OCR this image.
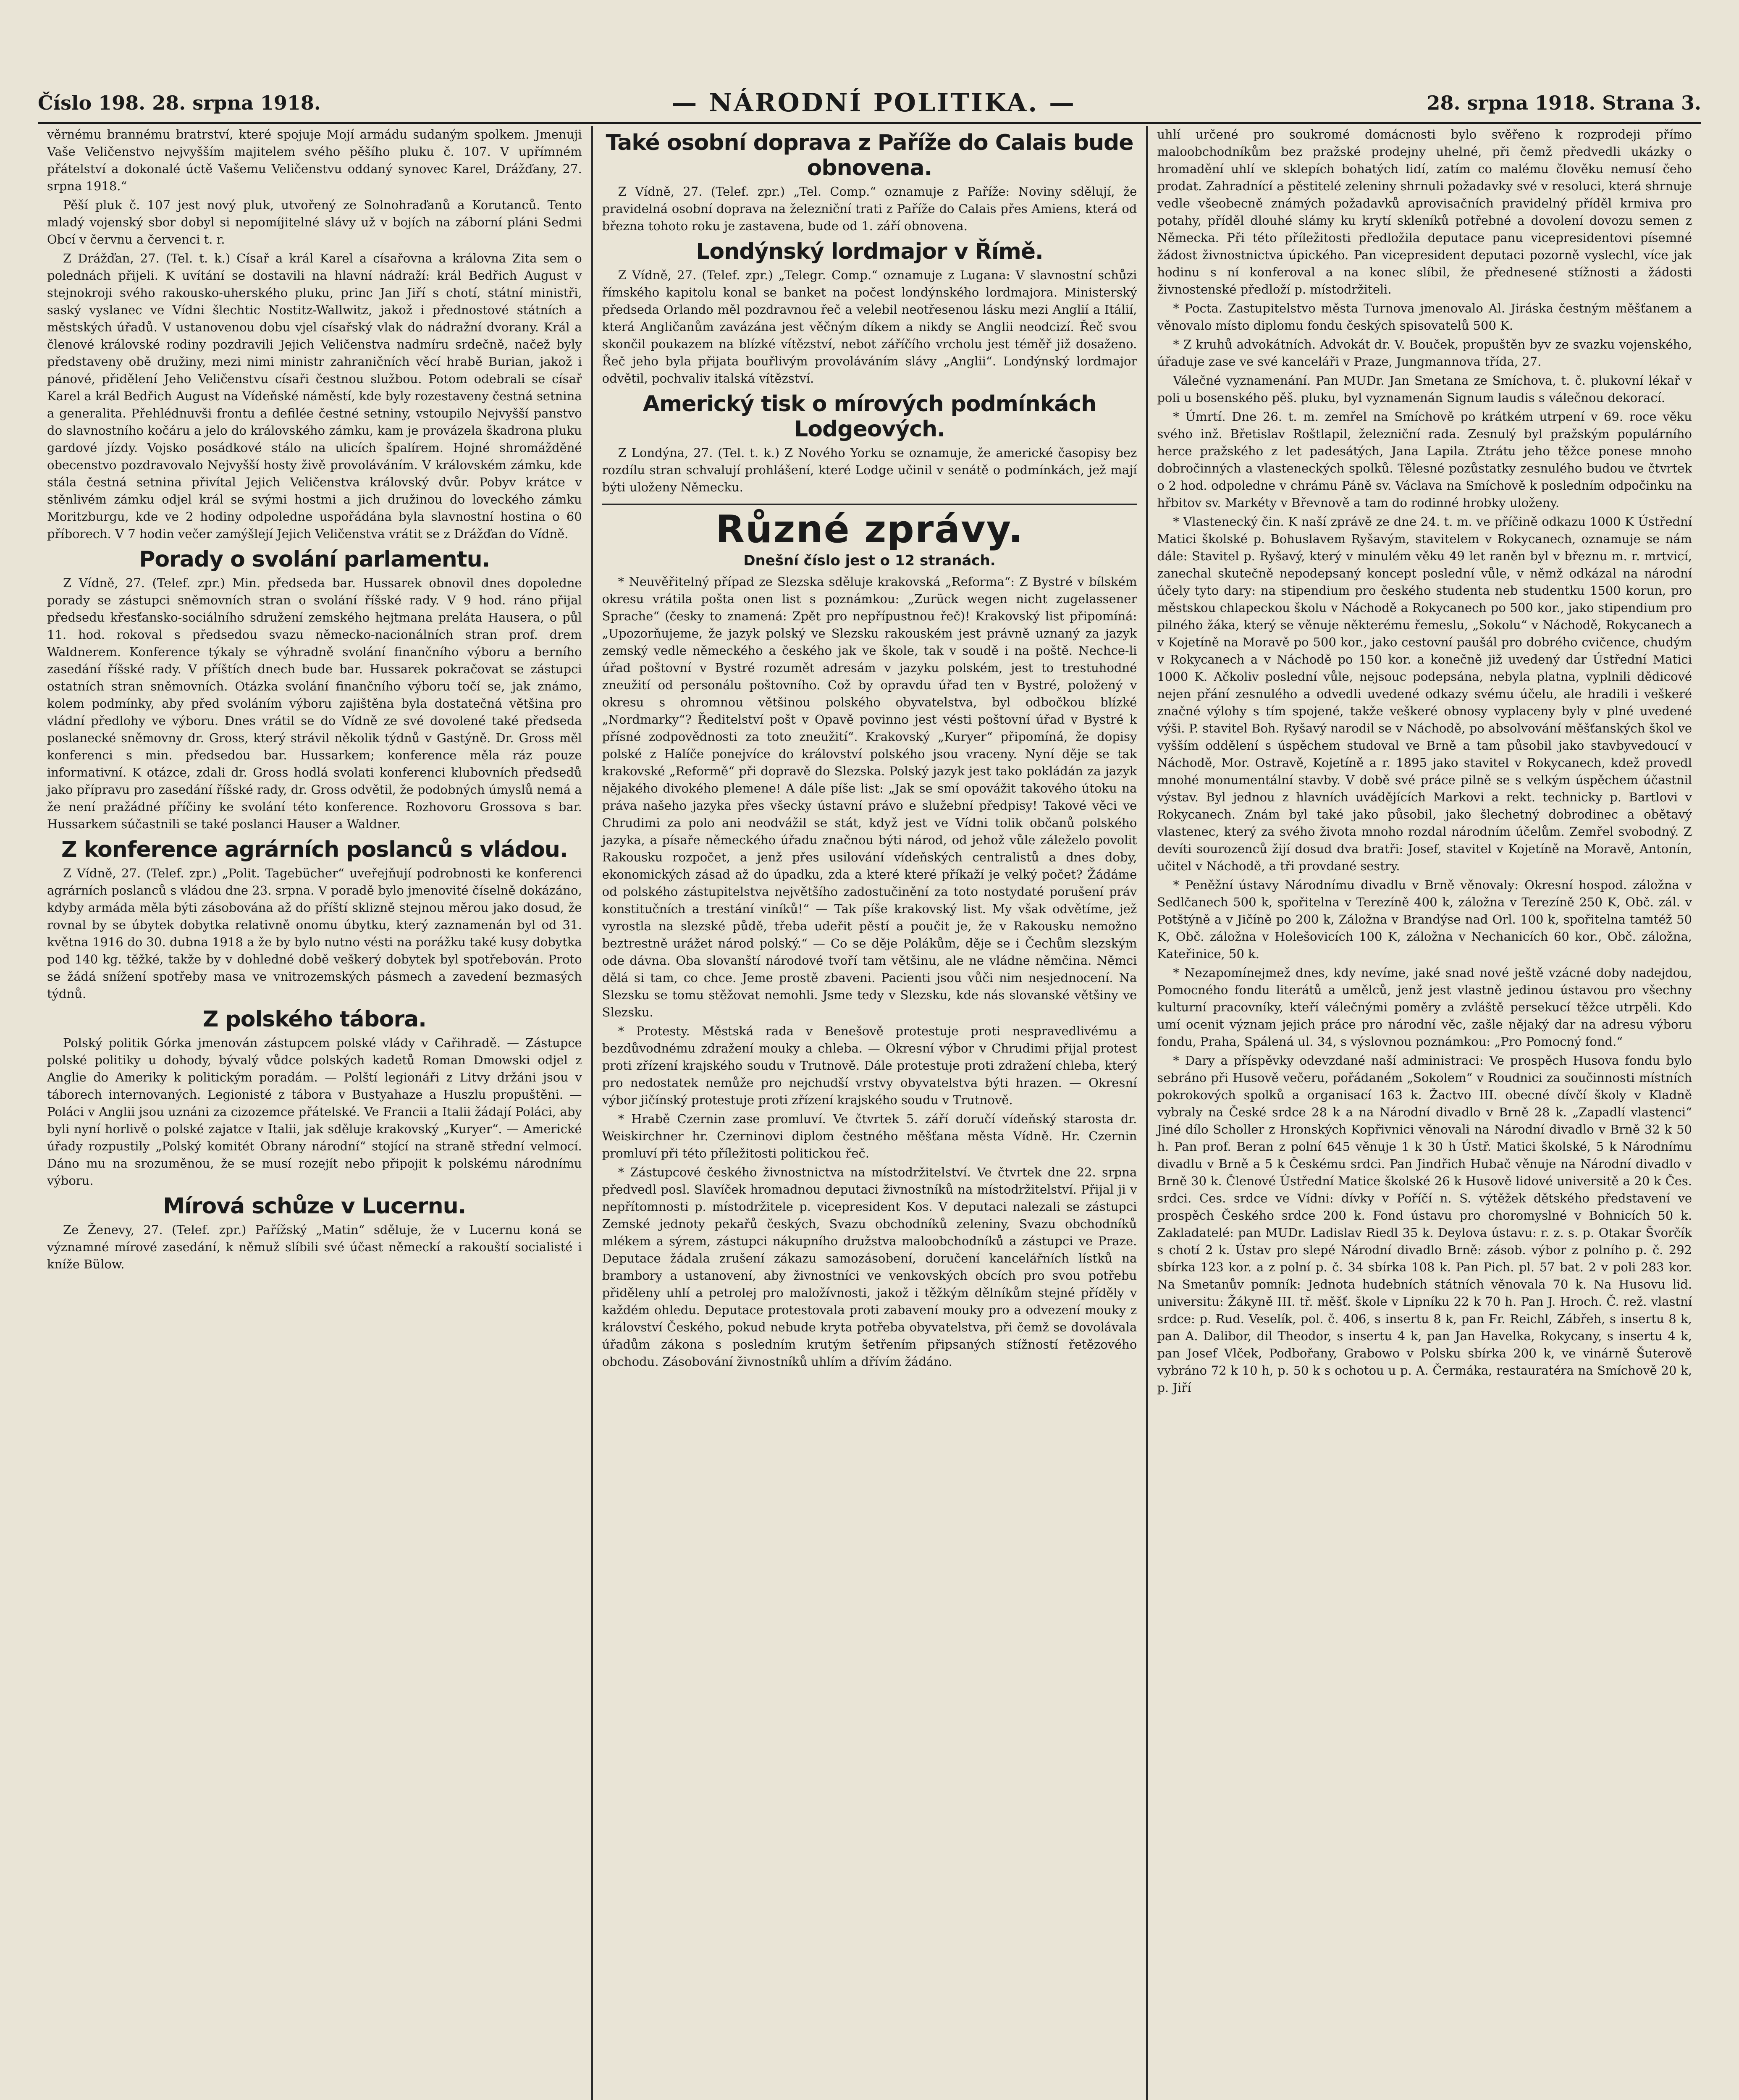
Číslo 198. 28. srpna 1918.	— NÁRODNÍ POLITIKA. —	28. srpna 1918. Strana 3.

věrnému brannému bratrství, které spojuje Mojí armádu sudaným spolkem. Jmenuji Vaše Veličenstvo nejvyšším majitelem svého pěšího pluku č. 107. V upřímném přátelství a dokonalé úctě Vašemu Veličenstvu oddaný synovec Karel, Drážďany, 27. srpna 1918.“

Pěší pluk č. 107 jest nový pluk, utvořený ze Solnohraďanů a Korutanců. Tento mladý vojenský sbor dobyl si nepomíjitelné slávy už v bojích na záborní pláni Sedmi Obcí v červnu a červenci t. r.

Z Drážďan, 27. (Tel. t. k.) Císař a král Karel a císařovna a královna Zita sem o polednách přijeli. K uvítání se dostavili na hlavní nádraží: král Bedřich August v stejnokroji svého rakousko-uherského pluku, princ Jan Jiří s chotí, státní ministři, saský vyslanec ve Vídni šlechtic Nostitz-Wallwitz, jakož i přednostové státních a městských úřadů. V ustanovenou dobu vjel císařský vlak do nádražní dvorany. Král a členové královské rodiny pozdravili Jejich Veličenstva nadmíru srdečně, načež byly představeny obě družiny, mezi nimi ministr zahraničních věcí hrabě Burian, jakož i pánové, přidělení Jeho Veličenstvu císaři čestnou službou. Potom odebrali se císař Karel a král Bedřich August na Vídeňské náměstí, kde byly rozestaveny čestná setnina a generalita. Přehlédnuvši frontu a defilée čestné setniny, vstoupilo Nejvyšší panstvo do slavnostního kočáru a jelo do královského zámku, kam je provázela škadrona pluku gardové jízdy. Vojsko posádkové stálo na ulicích špalírem. Hojné shromážděné obecenstvo pozdravovalo Nejvyšší hosty živě provoláváním. V královském zámku, kde stála čestná setnina přivítal Jejich Veličenstva královský dvůr. Pobyv krátce v stěnlivém zámku odjel král se svými hostmi a jich družinou do loveckého zámku Moritzburgu, kde ve 2 hodiny odpoledne uspořádána byla slavnostní hostina o 60 příborech. V 7 hodin večer zamýšlejí Jejich Veličenstva vrátit se z Drážďan do Vídně.

Porady o svolání parlamentu.

Z Vídně, 27. (Telef. zpr.) Min. předseda bar. Hussarek obnovil dnes dopoledne porady se zástupci sněmovních stran o svolání říšské rady. V 9 hod. ráno přijal předsedu křesťansko-sociálního sdružení zemského hejtmana preláta Hausera, o půl 11. hod. rokoval s předsedou svazu německo-nacionálních stran prof. drem Waldnerem. Konference týkaly se výhradně svolání finančního výboru a berního zasedání říšské rady. V příštích dnech bude bar. Hussarek pokračovat se zástupci ostatních stran sněmovních. Otázka svolání finančního výboru točí se, jak známo, kolem podmínky, aby před svoláním výboru zajištěna byla dostatečná většina pro vládní předlohy ve výboru. Dnes vrátil se do Vídně ze své dovolené také předseda poslanecké sněmovny dr. Gross, který strávil několik týdnů v Gastýně. Dr. Gross měl konferenci s min. předsedou bar. Hussarkem; konference měla ráz pouze informativní. K otázce, zdali dr. Gross hodlá svolati konferenci klubovních předsedů jako přípravu pro zasedání říšské rady, dr. Gross odvětil, že podobných úmyslů nemá a že není pražádné příčiny ke svolání této konference. Rozhovoru Grossova s bar. Hussarkem súčastnili se také poslanci Hauser a Waldner.

Z konference agrárních poslanců s vládou.

Z Vídně, 27. (Telef. zpr.) „Polit. Tagebücher“ uveřejňují podrobnosti ke konferenci agrárních poslanců s vládou dne 23. srpna. V poradě bylo jmenovité číselně dokázáno, kdyby armáda měla býti zásobována až do příští sklizně stejnou měrou jako dosud, že rovnal by se úbytek dobytka relativně onomu úbytku, který zaznamenán byl od 31. května 1916 do 30. dubna 1918 a že by bylo nutno vésti na porážku také kusy dobytka pod 140 kg. těžké, takže by v dohledné době veškerý dobytek byl spotřebován. Proto se žádá snížení spotřeby masa ve vnitrozemských pásmech a zavedení bezmasých týdnů.

Z polského tábora.

Polský politik Górka jmenován zástupcem polské vlády v Cařihradě. — Zástupce polské politiky u dohody, bývalý vůdce polských kadetů Roman Dmowski odjel z Anglie do Ameriky k politickým poradám. — Polští legionáři z Litvy držáni jsou v táborech internovaných. Legionisté z tábora v Bustyahaze a Huszlu propuštěni. — Poláci v Anglii jsou uznáni za cizozemce přátelské. Ve Francii a Italii žádají Poláci, aby byli nyní horlivě o polské zajatce v Italii, jak sděluje krakovský „Kuryer“. — Americké úřady rozpustily „Polský komitét Obrany národní“ stojící na straně střední velmocí. Dáno mu na srozuměnou, že se musí rozejít nebo připojit k polskému národnímu výboru.

Mírová schůze v Lucernu.

Ze Ženevy, 27. (Telef. zpr.) Pařížský „Matin“ sděluje, že v Lucernu koná se významné mírové zasedání, k němuž slíbili své účast německí a rakouští socialisté i kníže Bülow.

Také osobní doprava z Paříže do Calais bude obnovena.

Z Vídně, 27. (Telef. zpr.) „Tel. Comp.“ oznamuje z Paříže: Noviny sdělují, že pravidelná osobní doprava na železniční trati z Paříže do Calais přes Amiens, která od března tohoto roku je zastavena, bude od 1. září obnovena.

Londýnský lordmajor v Římě.

Z Vídně, 27. (Telef. zpr.) „Telegr. Comp.“ oznamuje z Lugana: V slavnostní schůzi římského kapitolu konal se banket na počest londýnského lordmajora. Ministerský předseda Orlando měl pozdravnou řeč a velebil neotřesenou lásku mezi Anglií a Itálií, která Angličanům zavázána jest věčným díkem a nikdy se Anglii neodcizí. Řeč svou skončil poukazem na blízké vítězství, nebot záříčího vrcholu jest téměř již dosaženo. Řeč jeho byla přijata bouřlivým provoláváním slávy „Anglii“. Londýnský lordmajor odvětil, pochvaliv italská vítězství.

Americký tisk o mírových podmínkách Lodgeových.

Z Londýna, 27. (Tel. t. k.) Z Nového Yorku se oznamuje, že americké časopisy bez rozdílu stran schvalují prohlášení, které Lodge učinil v senátě o podmínkách, jež mají býti uloženy Německu.

Různé zprávy.
Dnešní číslo jest o 12 stranách.

* Neuvěřitelný případ ze Slezska sděluje krakovská „Reforma“: Z Bystré v bílském okresu vrátila pošta onen list s poznámkou: „Zurück wegen nicht zugelassener Sprache“ (česky to znamená: Zpět pro nepřípustnou řeč)! Krakovský list připomíná: „Upozorňujeme, že jazyk polský ve Slezsku rakouském jest právně uznaný za jazyk zemský vedle německého a českého jak ve škole, tak v soudě i na poště. Nechce-li úřad poštovní v Bystré rozumět adresám v jazyku polském, jest to trestuhodné zneužití od personálu poštovního. Což by opravdu úřad ten v Bystré, položený v okresu s ohromnou většinou polského obyvatelstva, byl odbočkou blízké „Nordmarky“? Ředitelství pošt v Opavě povinno jest vésti poštovní úřad v Bystré k přísné zodpovědnosti za toto zneužití“. Krakovský „Kuryer“ připomíná, že dopisy polské z Halíče ponejvíce do království polského jsou vraceny. Nyní děje se tak krakovské „Reformě“ při dopravě do Slezska. Polský jazyk jest tako pokládán za jazyk nějakého divokého plemene! A dále píše list: „Jak se smí opovážit takového útoku na práva našeho jazyka přes všecky ústavní právo e služební předpisy! Takové věci ve Chrudimi za polo ani neodvážil se stát, když jest ve Vídni tolik občanů polského jazyka, a písaře německého úřadu značnou býti národ, od jehož vůle záleželo povolit Rakousku rozpočet, a jenž přes usilování vídeňských centralistů a dnes doby, ekonomických zásad až do úpadku, zda a které které příkaží je velký počet? Žádáme od polského zástupitelstva největšího zadostučinění za toto nostydaté porušení práv konstitučních a trestání viníků!“ — Tak píše krakovský list. My však odvětíme, jež vyrostla na slezské půdě, třeba udeřit pěstí a poučit je, že v Rakousku nemožno beztrestně urážet národ polský.“ — Co se děje Polákům, děje se i Čechům slezským ode dávna. Oba slovanští národové tvoří tam většinu, ale ne vládne němčina. Němci dělá si tam, co chce. Jeme prostě zbaveni. Pacienti jsou vůči nim nesjednocení. Na Slezsku se tomu stěžovat nemohli. Jsme tedy v Slezsku, kde nás slovanské většiny ve Slezsku.

* Protesty. Městská rada v Benešově protestuje proti nespravedlivému a bezdůvodnému zdražení mouky a chleba. — Okresní výbor v Chrudimi přijal protest proti zřízení krajského soudu v Trutnově. Dále protestuje proti zdražení chleba, který pro nedostatek nemůže pro nejchudší vrstvy obyvatelstva býti hrazen. — Okresní výbor jičínský protestuje proti zřízení krajského soudu v Trutnově.

* Hrabě Czernin zase promluví. Ve čtvrtek 5. září doručí vídeňský starosta dr. Weiskirchner hr. Czerninovi diplom čestného měšťana města Vídně. Hr. Czernin promluví při této příležitosti politickou řeč.

* Zástupcové českého živnostnictva na místodržitelství. Ve čtvrtek dne 22. srpna předvedl posl. Slavíček hromadnou deputaci živnostníků na místodržitelství. Přijal ji v nepřítomnosti p. místodržitele p. vicepresident Kos. V deputaci nalezali se zástupci Zemské jednoty pekařů českých, Svazu obchodníků zeleniny, Svazu obchodníků mlékem a sýrem, zástupci nákupního družstva maloobchodníků a zástupci ve Praze. Deputace žádala zrušení zákazu samozásobení, doručení kancelářních lístků na brambory a ustanovení, aby živnostníci ve venkovských obcích pro svou potřebu přiděleny uhlí a petrolej pro maložívnosti, jakož i těžkým dělníkům stejné příděly v každém ohledu. Deputace protestovala proti zabavení mouky pro a odvezení mouky z království Českého, pokud nebude kryta potřeba obyvatelstva, při čemž se dovolávala úřadům zákona s posledním krutým šetřením připsaných stížností řetězového obchodu. Zásobování živnostníků uhlím a dřívím žádáno.

uhlí určené pro soukromé domácnosti bylo svěřeno k rozprodeji přímo maloobchodníkům bez pražské prodejny uhelné, při čemž předvedli ukázky o hromadění uhlí ve sklepích bohatých lidí, zatím co malému člověku nemusí čeho prodat. Zahradnící a pěstitelé zeleniny shrnuli požadavky své v resoluci, která shrnuje vedle všeobecně známých požadavků aprovisačních pravidelný příděl krmiva pro potahy, příděl dlouhé slámy ku krytí skleníků potřebné a dovolení dovozu semen z Německa. Při této příležitosti předložila deputace panu vicepresidentovi písemné žádost živnostnictva úpického. Pan vicepresident deputaci pozorně vyslechl, více jak hodinu s ní konferoval a na konec slíbil, že přednesené stížnosti a žádosti živnostenské předloží p. místodržiteli.

* Pocta. Zastupitelstvo města Turnova jmenovalo Al. Jiráska čestným měšťanem a věnovalo místo diplomu fondu českých spisovatelů 500 K.

* Z kruhů advokátních. Advokát dr. V. Bouček, propuštěn byv ze svazku vojenského, úřaduje zase ve své kanceláři v Praze, Jungmannova třída, 27.

Válečné vyznamenání. Pan MUDr. Jan Smetana ze Smíchova, t. č. plukovní lékař v poli u bosenského pěš. pluku, byl vyznamenán Signum laudis s válečnou dekorací.

* Úmrtí. Dne 26. t. m. zemřel na Smíchově po krátkém utrpení v 69. roce věku svého inž. Břetislav Roštlapil, železniční rada. Zesnulý byl pražským populárního herce pražského z let padesátých, Jana Lapila. Ztrátu jeho těžce ponese mnoho dobročinných a vlasteneckých spolků. Tělesné pozůstatky zesnulého budou ve čtvrtek o 2 hod. odpoledne v chrámu Páně sv. Václava na Smíchově k posledním odpočinku na hřbitov sv. Markéty v Břevnově a tam do rodinné hrobky uloženy.

* Vlastenecký čin. K naší zprávě ze dne 24. t. m. ve příčině odkazu 1000 K Ústřední Matici školské p. Bohuslavem Ryšavým, stavitelem v Rokycanech, oznamuje se nám dále: Stavitel p. Ryšavý, který v minulém věku 49 let raněn byl v březnu m. r. mrtvicí, zanechal skutečně nepodepsaný koncept poslední vůle, v němž odkázal na národní účely tyto dary: na stipendium pro českého studenta neb studentku 1500 korun, pro městskou chlapeckou školu v Náchodě a Rokycanech po 500 kor., jako stipendium pro pilného žáka, který se věnuje některému řemeslu, „Sokolu“ v Náchodě, Rokycanech a v Kojetíně na Moravě po 500 kor., jako cestovní paušál pro dobrého cvičence, chudým v Rokycanech a v Náchodě po 150 kor. a konečně již uvedený dar Ústřední Matici 1000 K. Ačkoliv poslední vůle, nejsouc podepsána, nebyla platna, vyplnili dědicové nejen přání zesnulého a odvedli uvedené odkazy svému účelu, ale hradili i veškeré značné výlohy s tím spojené, takže veškeré obnosy vyplaceny byly v plné uvedené výši. P. stavitel Boh. Ryšavý narodil se v Náchodě, po absolvování měšťanských škol ve vyšším oddělení s úspěchem studoval ve Brně a tam působil jako stavbyvedoucí v Náchodě, Mor. Ostravě, Kojetíně a r. 1895 jako stavitel v Rokycanech, kdež provedl mnohé monumentální stavby. V době své práce pilně se s velkým úspěchem účastnil výstav. Byl jednou z hlavních uvádějících Markovi a rekt. technicky p. Bartlovi v Rokycanech. Znám byl také jako působil, jako šlechetný dobrodinec a obětavý vlastenec, který za svého života mnoho rozdal národním účelům. Zemřel svobodný. Z devíti sourozenců žijí dosud dva bratři: Josef, stavitel v Kojetíně na Moravě, Antonín, učitel v Náchodě, a tři provdané sestry.

* Peněžní ústavy Národnímu divadlu v Brně věnovaly: Okresní hospod. záložna v Sedlčanech 500 k, spořitelna v Terezíně 400 k, záložna v Terezíně 250 K, Obč. zál. v Potštýně a v Jičíně po 200 k, Záložna v Brandýse nad Orl. 100 k, spořitelna tamtéž 50 K, Obč. záložna v Holešovicích 100 K, záložna v Nechanicích 60 kor., Obč. záložna, Kateřinice, 50 k.

* Nezapomínejmež dnes, kdy nevíme, jaké snad nové ještě vzácné doby nadejdou, Pomocného fondu literátů a umělců, jenž jest vlastně jedinou ústavou pro všechny kulturní pracovníky, kteří válečnými poměry a zvláště persekucí těžce utrpěli. Kdo umí ocenit význam jejich práce pro národní věc, zašle nějaký dar na adresu výboru fondu, Praha, Spálená ul. 34, s výslovnou poznámkou: „Pro Pomocný fond.“

* Dary a příspěvky odevzdané naší administraci: Ve prospěch Husova fondu bylo sebráno při Husově večeru, pořádaném „Sokolem“ v Roudnici za součinnosti místních pokrokových spolků a organisací 163 k. Žactvo III. obecné dívčí školy v Kladně vybraly na České srdce 28 k a na Národní divadlo v Brně 28 k. „Zapadlí vlastenci“ Jiné dílo Scholler z Hronských Kopřivnici věnovali na Národní divadlo v Brně 32 k 50 h. Pan prof. Beran z polní 645 věnuje 1 k 30 h Ústř. Matici školské, 5 k Národnímu divadlu v Brně a 5 k Českému srdci. Pan Jindřich Hubač věnuje na Národní divadlo v Brně 30 k. Členové Ústřední Matice školské 26 k Husově lidové universitě a 20 k Čes. srdci. Ces. srdce ve Vídni: dívky v Poříčí n. S. výtěžek dětského představení ve prospěch Českého srdce 200 k. Fond ústavu pro choromyslné v Bohnicích 50 k. Zakladatelé: pan MUDr. Ladislav Riedl 35 k. Deylova ústavu: r. z. s. p. Otakar Švorčík s chotí 2 k. Ústav pro slepé Národní divadlo Brně: zásob. výbor z polního p. č. 292 sbírka 123 kor. a z polní p. č. 34 sbírka 108 k. Pan Pich. pl. 57 bat. 2 v poli 283 kor. Na Smetanův pomník: Jednota hudebních státních věnovala 70 k. Na Husovu lid. universitu: Žákyně III. tř. měšť. škole v Lipníku 22 k 70 h. Pan J. Hroch. Č. rež. vlastní srdce: p. Rud. Veselík, pol. č. 406, s insertu 8 k, pan Fr. Reichl, Zábřeh, s insertu 8 k, pan A. Dalibor, dil Theodor, s insertu 4 k, pan Jan Havelka, Rokycany, s insertu 4 k, pan Josef Vlček, Podbořany, Grabowo v Polsku sbírka 200 k, ve vinárně Šuterově vybráno 72 k 10 h, p. 50 k s ochotou u p. A. Čermáka, restauratéra na Smíchově 20 k, p. Jiří
